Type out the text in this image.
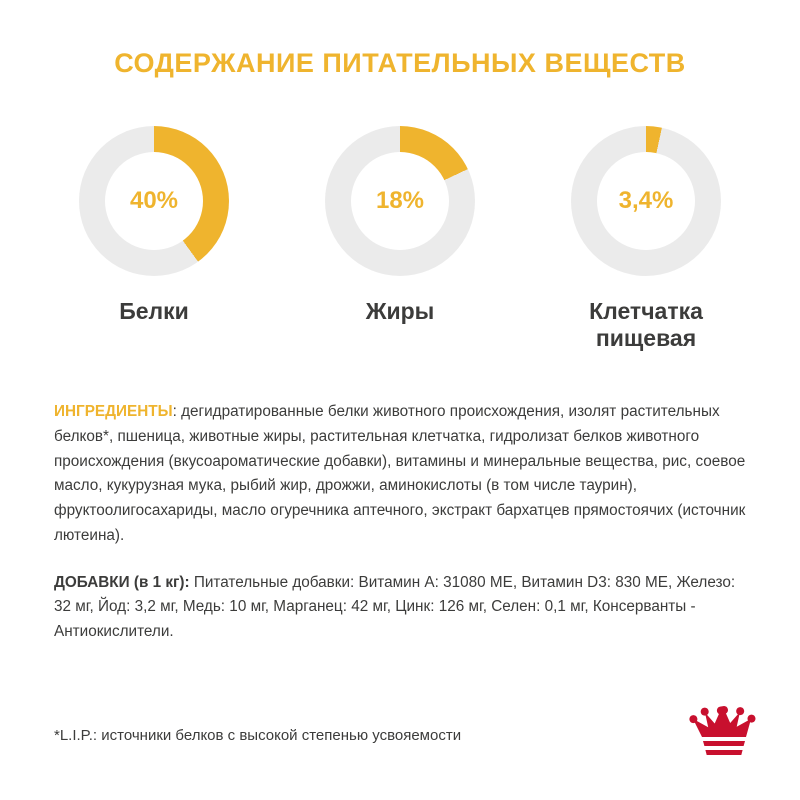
СОДЕРЖАНИЕ ПИТАТЕЛЬНЫХ ВЕЩЕСТВ
40%
Белки
18%
Жиры
3,4%
Клетчатка пищевая

ИНГРЕДИЕНТЫ: дегидратированные белки животного происхождения, изолят растительных белков*, пшеница, животные жиры, растительная клетчатка, гидролизат белков животного происхождения (вкусоароматические добавки), витамины и минеральные вещества, рис, соевое масло, кукурузная мука, рыбий жир, дрожжи, аминокислоты (в том числе таурин), фруктоолигосахариды, масло огуречника аптечного, экстракт бархатцев прямостоячих (источник лютеина).

ДОБАВКИ (в 1 кг): Питательные добавки: Витамин А: 31080 МЕ, Витамин D3: 830 МЕ, Железо: 32 мг, Йод: 3,2 мг, Медь: 10 мг, Марганец: 42 мг, Цинк: 126 мг, Селен: 0,1 мг, Консерванты - Антиокислители.

*L.I.P.: источники белков с высокой степенью усвояемости
